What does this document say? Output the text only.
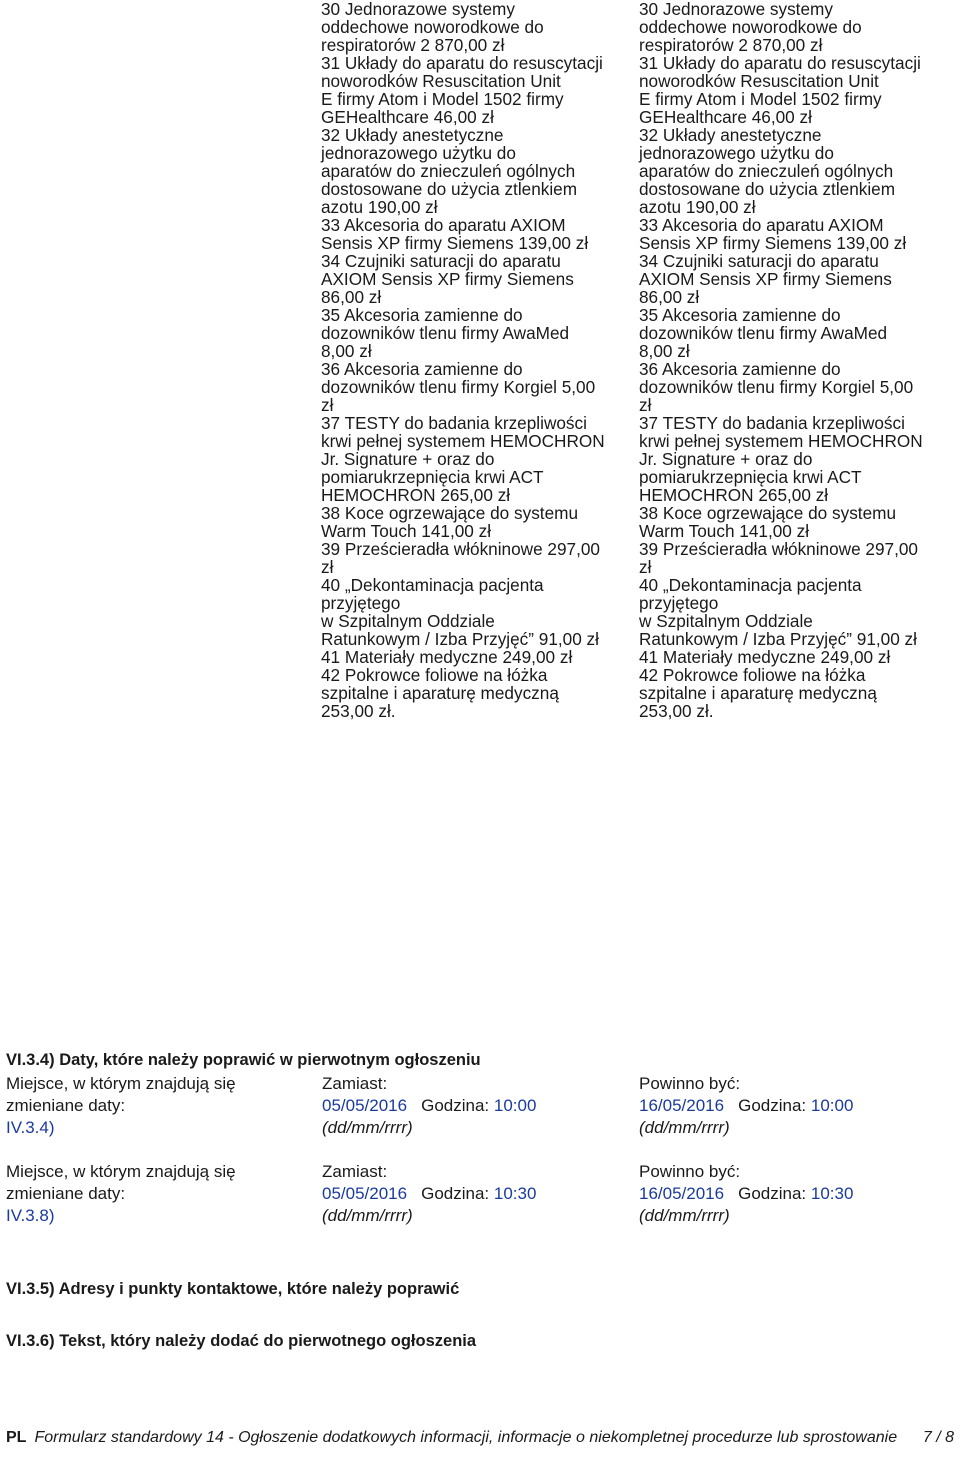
30 Jednorazowe systemy
oddechowe noworodkowe do
respiratorów 2 870,00 zł

31 Układy do aparatu do resuscytacji
noworodków Resuscitation Unit
E firmy Atom i Model 1502 firmy
GEHealthcare 46,00 zł

32 Układy anestetyczne
jednorazowego użytku do
aparatów do znieczuleń ogólnych
dostosowane do użycia ztlenkiem
azotu 190,00 zł

33 Akcesoria do aparatu AXIOM
Sensis XP firmy Siemens 139,00 zł

34 Czujniki saturacji do aparatu
AXIOM Sensis XP firmy Siemens
86,00 zł

35 Akcesoria zamienne do
dozowników tlenu firmy AwaMed
8,00 zł

36 Akcesoria zamienne do
dozowników tlenu firmy Korgiel 5,00
zł

37 TESTY do badania krzepliwości
krwi pełnej systemem HEMOCHRON
Jr. Signature + oraz do
pomiarukrzepnięcia krwi ACT
HEMOCHRON 265,00 zł

38 Koce ogrzewające do systemu
Warm Touch 141,00 zł

39 Prześcieradła włókninowe 297,00
zł

40 „Dekontaminacja pacjenta
przyjętego
w Szpitalnym Oddziale
Ratunkowym / Izba Przyjęć” 91,00 zł

41 Materiały medyczne 249,00 zł

42 Pokrowce foliowe na łóżka
szpitalne i aparaturę medyczną
253,00 zł.

30 Jednorazowe systemy
oddechowe noworodkowe do
respiratorów 2 870,00 zł

31 Układy do aparatu do resuscytacji
noworodków Resuscitation Unit
E firmy Atom i Model 1502 firmy
GEHealthcare 46,00 zł

32 Układy anestetyczne
jednorazowego użytku do
aparatów do znieczuleń ogólnych
dostosowane do użycia ztlenkiem
azotu 190,00 zł

33 Akcesoria do aparatu AXIOM
Sensis XP firmy Siemens 139,00 zł

34 Czujniki saturacji do aparatu
AXIOM Sensis XP firmy Siemens
86,00 zł

35 Akcesoria zamienne do
dozowników tlenu firmy AwaMed
8,00 zł

36 Akcesoria zamienne do
dozowników tlenu firmy Korgiel 5,00
zł

37 TESTY do badania krzepliwości
krwi pełnej systemem HEMOCHRON
Jr. Signature + oraz do
pomiarukrzepnięcia krwi ACT
HEMOCHRON 265,00 zł

38 Koce ogrzewające do systemu
Warm Touch 141,00 zł

39 Prześcieradła włókninowe 297,00
zł

40 „Dekontaminacja pacjenta
przyjętego
w Szpitalnym Oddziale
Ratunkowym / Izba Przyjęć” 91,00 zł

41 Materiały medyczne 249,00 zł

42 Pokrowce foliowe na łóżka
szpitalne i aparaturę medyczną
253,00 zł.

VI.3.4) Daty, które należy poprawić w pierwotnym ogłoszeniu

Miejsce, w którym znajdują się
zmieniane daty:
IV.3.4)
Zamiast:
05/05/2016 Godzina: 10:00
(dd/mm/rrrr)
Powinno być:
16/05/2016 Godzina: 10:00
(dd/mm/rrrr)
Miejsce, w którym znajdują się
zmieniane daty:
IV.3.8)
Zamiast:
05/05/2016 Godzina: 10:30
(dd/mm/rrrr)
Powinno być:
16/05/2016 Godzina: 10:30
(dd/mm/rrrr)

VI.3.5) Adresy i punkty kontaktowe, które należy poprawić

VI.3.6) Tekst, który należy dodać do pierwotnego ogłoszenia

PL Formularz standardowy 14 - Ogłoszenie dodatkowych informacji, informacje o niekompletnej procedurze lub sprostowanie 7 / 8
